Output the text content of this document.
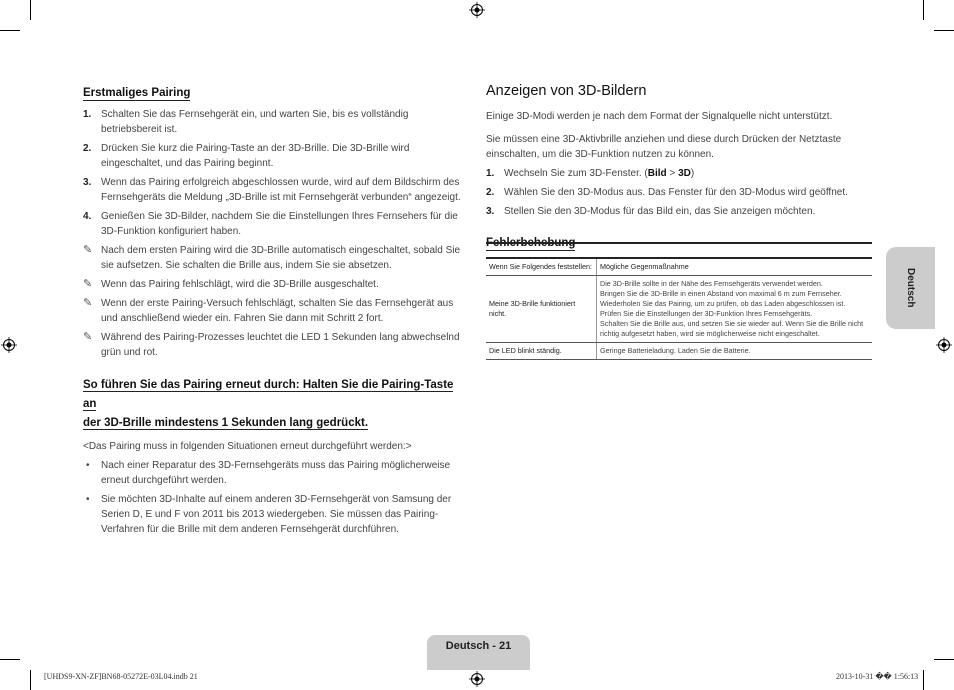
Erstmaliges Pairing
1. Schalten Sie das Fernsehgerät ein, und warten Sie, bis es vollständig betriebsbereit ist.
2. Drücken Sie kurz die Pairing-Taste an der 3D-Brille. Die 3D-Brille wird eingeschaltet, und das Pairing beginnt.
3. Wenn das Pairing erfolgreich abgeschlossen wurde, wird auf dem Bildschirm des Fernsehgeräts die Meldung „3D-Brille ist mit Fernsehgerät verbunden“ angezeigt.
4. Genießen Sie 3D-Bilder, nachdem Sie die Einstellungen Ihres Fernsehers für die 3D-Funktion konfiguriert haben.
✎ Nach dem ersten Pairing wird die 3D-Brille automatisch eingeschaltet, sobald Sie sie aufsetzen. Sie schalten die Brille aus, indem Sie sie absetzen.
✎ Wenn das Pairing fehlschlägt, wird die 3D-Brille ausgeschaltet.
✎ Wenn der erste Pairing-Versuch fehlschlägt, schalten Sie das Fernsehgerät aus und anschließend wieder ein. Fahren Sie dann mit Schritt 2 fort.
✎ Während des Pairing-Prozesses leuchtet die LED 1 Sekunden lang abwechselnd grün und rot.

So führen Sie das Pairing erneut durch: Halten Sie die Pairing-Taste an
der 3D-Brille mindestens 1 Sekunden lang gedrückt.

<Das Pairing muss in folgenden Situationen erneut durchgeführt werden:>

• Nach einer Reparatur des 3D-Fernsehgeräts muss das Pairing möglicherweise erneut durchgeführt werden.
• Sie möchten 3D-Inhalte auf einem anderen 3D-Fernsehgerät von Samsung der Serien D, E und F von 2011 bis 2013 wiedergeben. Sie müssen das Pairing-Verfahren für die Brille mit dem anderen Fernsehgerät durchführen.
Anzeigen von 3D-Bildern

Einige 3D-Modi werden je nach dem Format der Signalquelle nicht unterstützt.

Sie müssen eine 3D-Aktivbrille anziehen und diese durch Drücken der Netztaste einschalten, um die 3D-Funktion nutzen zu können.

1. Wechseln Sie zum 3D-Fenster. (Bild > 3D)
2. Wählen Sie den 3D-Modus aus. Das Fenster für den 3D-Modus wird geöffnet.
3. Stellen Sie den 3D-Modus für das Bild ein, das Sie anzeigen möchten.
Wenn Sie Folgendes feststellen:	Mögliche Gegenmaßnahme
Meine 3D-Brille funktioniert nicht.	Die 3D-Brille sollte in der Nähe des Fernsehgeräts verwendet werden.
Bringen Sie die 3D-Brille in einen Abstand von maximal 6 m zum Fernseher.
Wiederholen Sie das Pairing, um zu prüfen, ob das Laden abgeschlossen ist.
Prüfen Sie die Einstellungen der 3D-Funktion Ihres Fernsehgeräts.
Schalten Sie die Brille aus, und setzen Sie sie wieder auf. Wenn Sie die Brille nicht richtig aufgesetzt haben, wird sie möglicherweise nicht eingeschaltet.

Die LED blinkt ständig.	Geringe Batterieladung. Laden Sie die Batterie.
Deutsch
Deutsch - 21
[UHDS9-XN-ZF]BN68-05272E-03L04.indb 21	2013-10-31 �� 1:56:13
